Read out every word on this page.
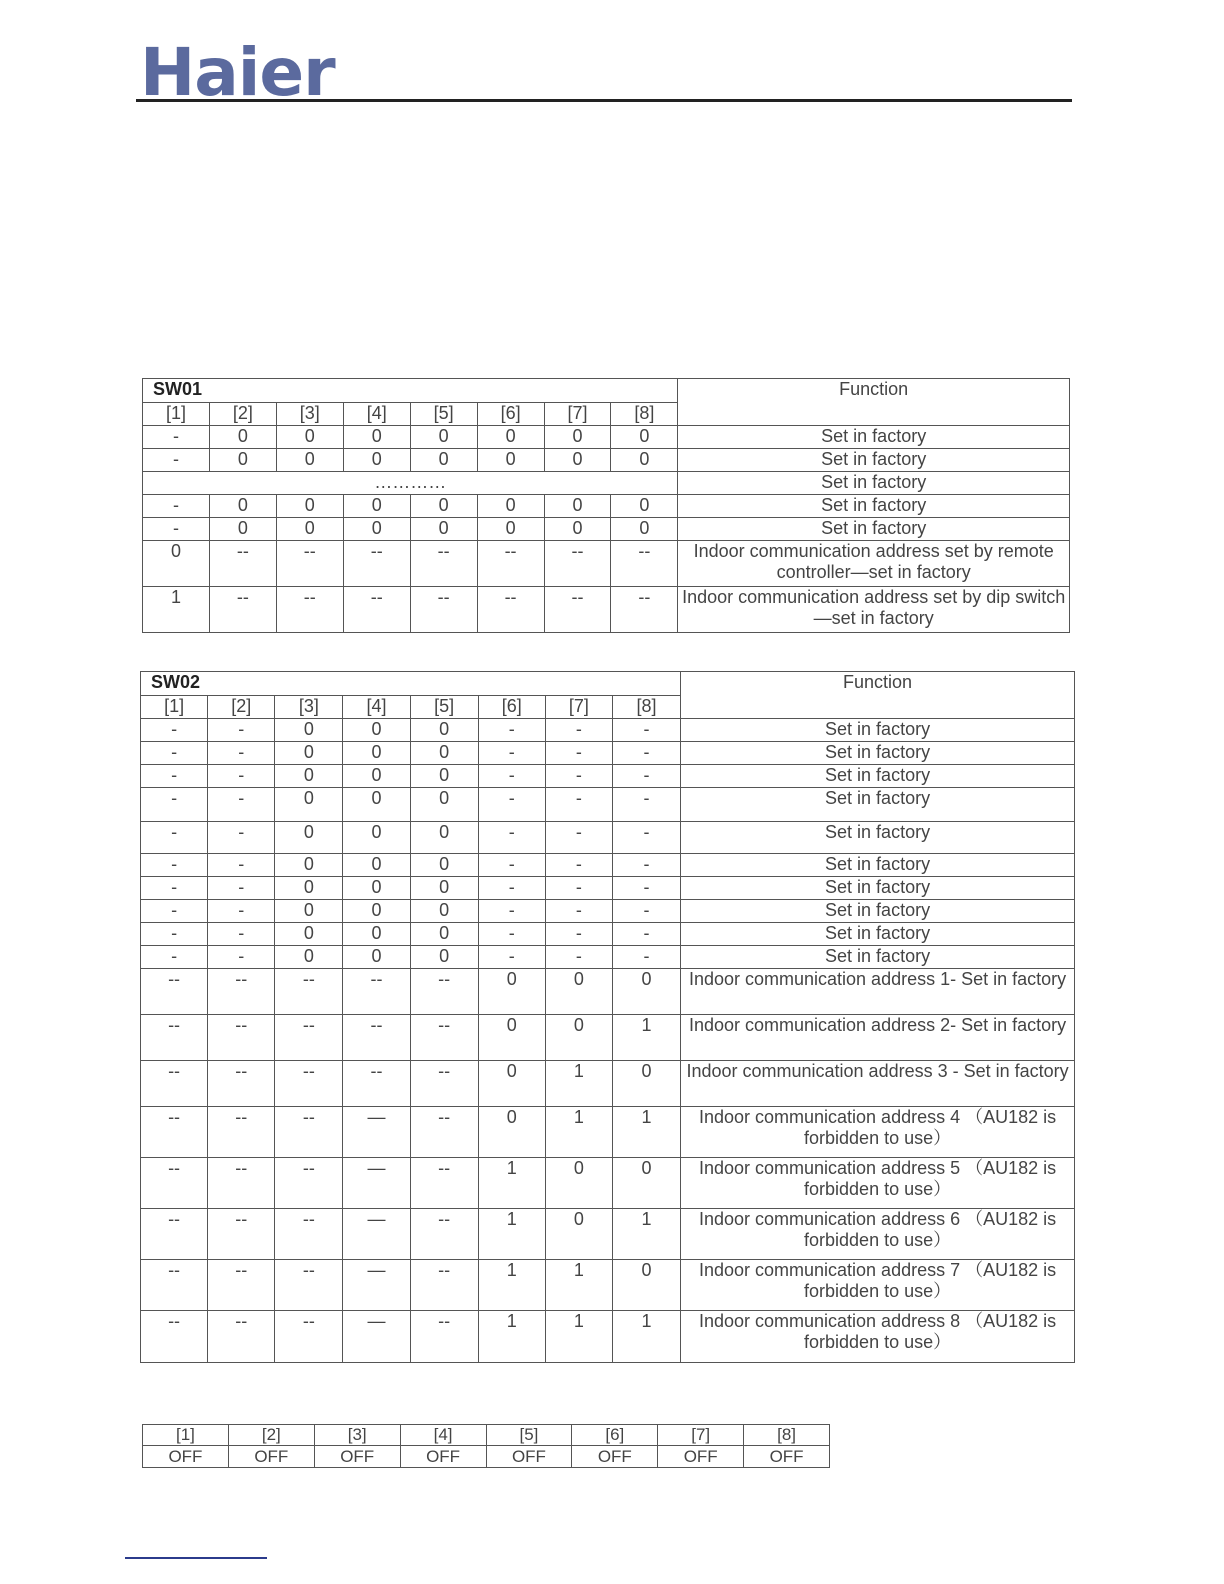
Haier
SW01								Function
[1]	[2]	[3]	[4]	[5]	[6]	[7]	[8]	
-	0	0	0	0	0	0	0	Set in factory
-	0	0	0	0	0	0	0	Set in factory
…………								Set in factory
-	0	0	0	0	0	0	0	Set in factory
-	0	0	0	0	0	0	0	Set in factory
0	--	--	--	--	--	--	--	Indoor communication address set by remote controller—set in factory
1	--	--	--	--	--	--	--	Indoor communication address set by dip switch —set in factory
SW02								Function
[1]	[2]	[3]	[4]	[5]	[6]	[7]	[8]	
-	-	0	0	0	-	-	-	Set in factory
-	-	0	0	0	-	-	-	Set in factory
-	-	0	0	0	-	-	-	Set in factory
-	-	0	0	0	-	-	-	Set in factory
-	-	0	0	0	-	-	-	Set in factory
-	-	0	0	0	-	-	-	Set in factory
-	-	0	0	0	-	-	-	Set in factory
-	-	0	0	0	-	-	-	Set in factory
-	-	0	0	0	-	-	-	Set in factory
-	-	0	0	0	-	-	-	Set in factory
--	--	--	--	--	0	0	0	Indoor communication address 1- Set in factory
--	--	--	--	--	0	0	1	Indoor communication address 2- Set in factory
--	--	--	--	--	0	1	0	Indoor communication address 3 - Set in factory
--	--	--	—	--	0	1	1	Indoor communication address 4 （AU182 is forbidden to use）
--	--	--	—	--	1	0	0	Indoor communication address 5 （AU182 is forbidden to use）
--	--	--	—	--	1	0	1	Indoor communication address 6 （AU182 is forbidden to use）
--	--	--	—	--	1	1	0	Indoor communication address 7 （AU182 is forbidden to use）
--	--	--	—	--	1	1	1	Indoor communication address 8 （AU182 is forbidden to use）
[1]	[2]	[3]	[4]	[5]	[6]	[7]	[8]
OFF	OFF	OFF	OFF	OFF	OFF	OFF	OFF
